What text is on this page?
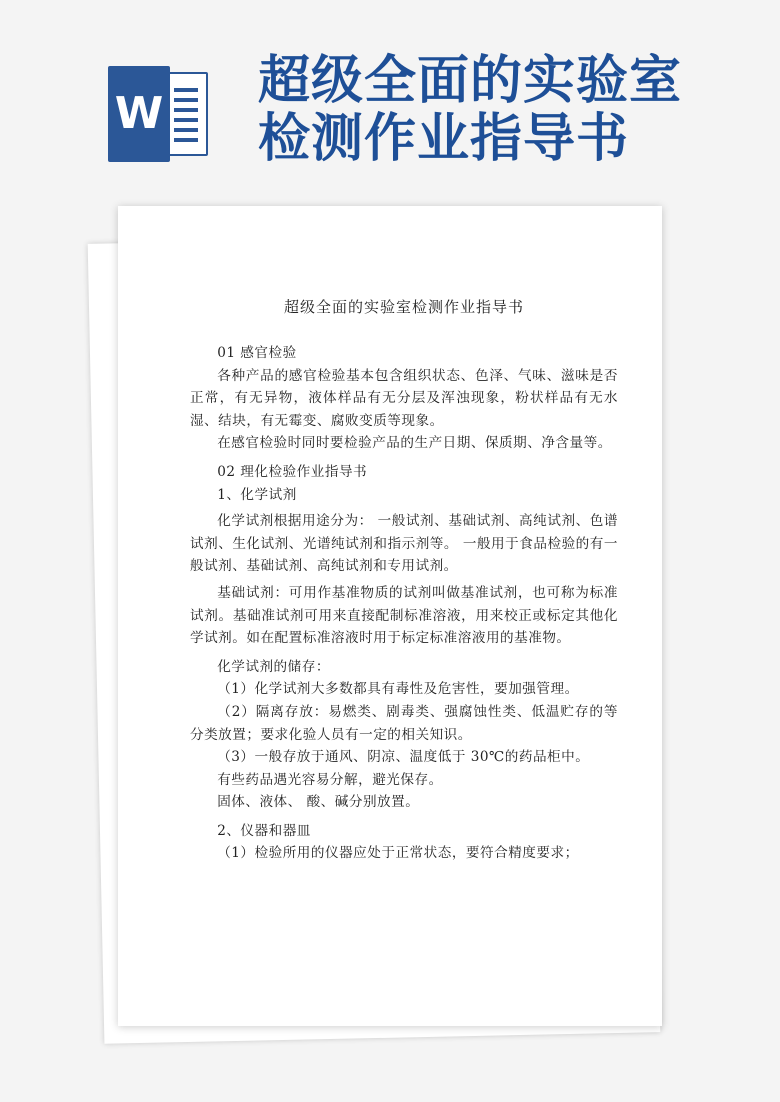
W
超级全面的实验室
检测作业指导书
超级全面的实验室检测作业指导书

01 感官检验

各种产品的感官检验基本包含组织状态、色泽、气味、滋味是否正常，有无异物，液体样品有无分层及浑浊现象，粉状样品有无水湿、结块，有无霉变、腐败变质等现象。

在感官检验时同时要检验产品的生产日期、保质期、净含量等。

02 理化检验作业指导书

1、化学试剂

化学试剂根据用途分为： 一般试剂、基础试剂、高纯试剂、色谱试剂、生化试剂、光谱纯试剂和指示剂等。 一般用于食品检验的有一般试剂、基础试剂、高纯试剂和专用试剂。

基础试剂：可用作基准物质的试剂叫做基准试剂，也可称为标准试剂。基础准试剂可用来直接配制标准溶液，用来校正或标定其他化学试剂。如在配置标准溶液时用于标定标准溶液用的基准物。

化学试剂的储存：

（1）化学试剂大多数都具有毒性及危害性，要加强管理。

（2）隔离存放：易燃类、剧毒类、强腐蚀性类、低温贮存的等分类放置；要求化验人员有一定的相关知识。

（3）一般存放于通风、阴凉、温度低于 30℃的药品柜中。

有些药品遇光容易分解，避光保存。

固体、液体、 酸、碱分别放置。

2、仪器和器皿

（1）检验所用的仪器应处于正常状态，要符合精度要求；
